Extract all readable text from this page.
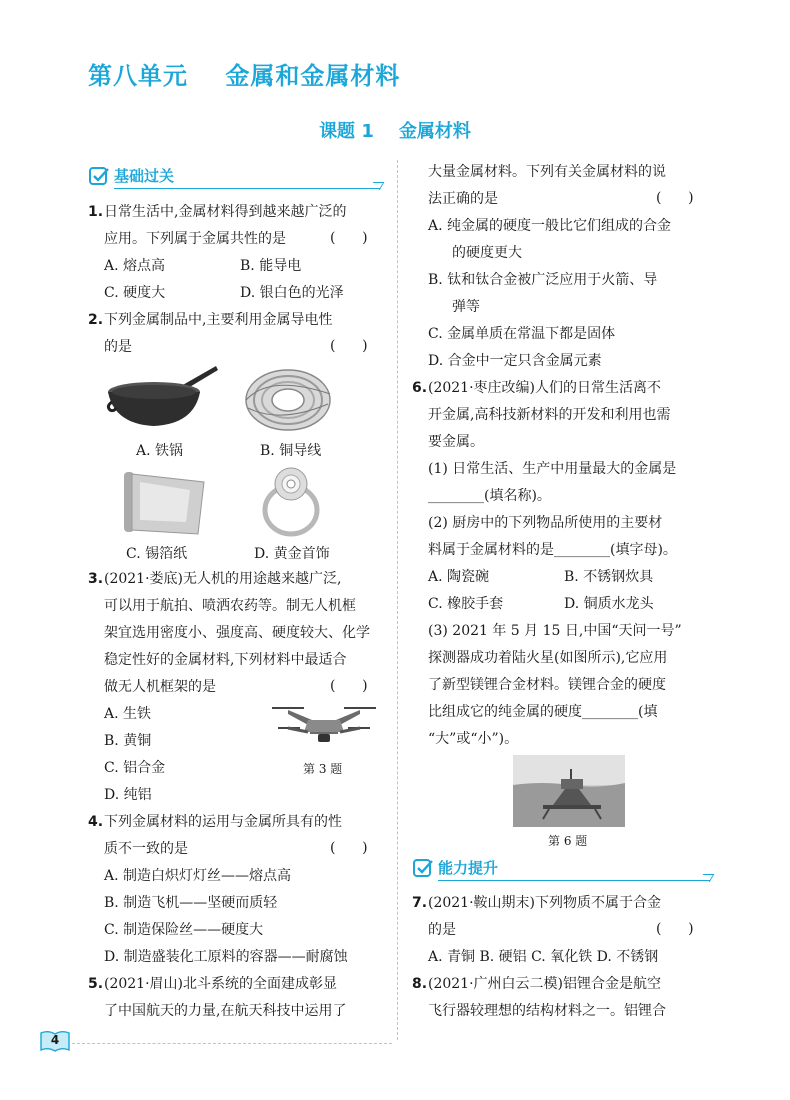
第八单元    金属和金属材料
课题 1    金属材料
基础过关
1. 日常生活中,金属材料得到越来越广泛的
应用。下列属于金属共性的是	(      )
A. 熔点高	B. 能导电
C. 硬度大	D. 银白色的光泽
2. 下列金属制品中,主要利用金属导电性
的是	(      )
A. 铁锅	B. 铜导线
C. 锡箔纸	D. 黄金首饰
3. (2021·娄底)无人机的用途越来越广泛,
可以用于航拍、喷洒农药等。制无人机框
架宜选用密度小、强度高、硬度较大、化学
稳定性好的金属材料,下列材料中最适合
做无人机框架的是	(      )
A. 生铁
B. 黄铜
C. 铝合金
D. 纯铝
第 3 题
4. 下列金属材料的运用与金属所具有的性
质不一致的是	(      )
A. 制造白炽灯灯丝——熔点高
B. 制造飞机——坚硬而质轻
C. 制造保险丝——硬度大
D. 制造盛装化工原料的容器——耐腐蚀
5. (2021·眉山)北斗系统的全面建成彰显
了中国航天的力量,在航天科技中运用了
大量金属材料。下列有关金属材料的说
法正确的是	(      )
A. 纯金属的硬度一般比它们组成的合金
的硬度更大
B. 钛和钛合金被广泛应用于火箭、导
弹等
C. 金属单质在常温下都是固体
D. 合金中一定只含金属元素
6. (2021·枣庄改编)人们的日常生活离不
开金属,高科技新材料的开发和利用也需
要金属。
(1) 日常生活、生产中用量最大的金属是
________(填名称)。
(2) 厨房中的下列物品所使用的主要材
料属于金属材料的是________(填字母)。
A. 陶瓷碗	B. 不锈钢炊具
C. 橡胶手套	D. 铜质水龙头
(3) 2021 年 5 月 15 日,中国“天问一号”
探测器成功着陆火星(如图所示),它应用
了新型镁锂合金材料。镁锂合金的硬度
比组成它的纯金属的硬度________(填
“大”或“小”)。
第 6 题
能力提升
7. (2021·鞍山期末)下列物质不属于合金
的是	(      )
A. 青铜 B. 硬铝 C. 氧化铁 D. 不锈钢
8. (2021·广州白云二模)铝锂合金是航空
飞行器较理想的结构材料之一。铝锂合
4
